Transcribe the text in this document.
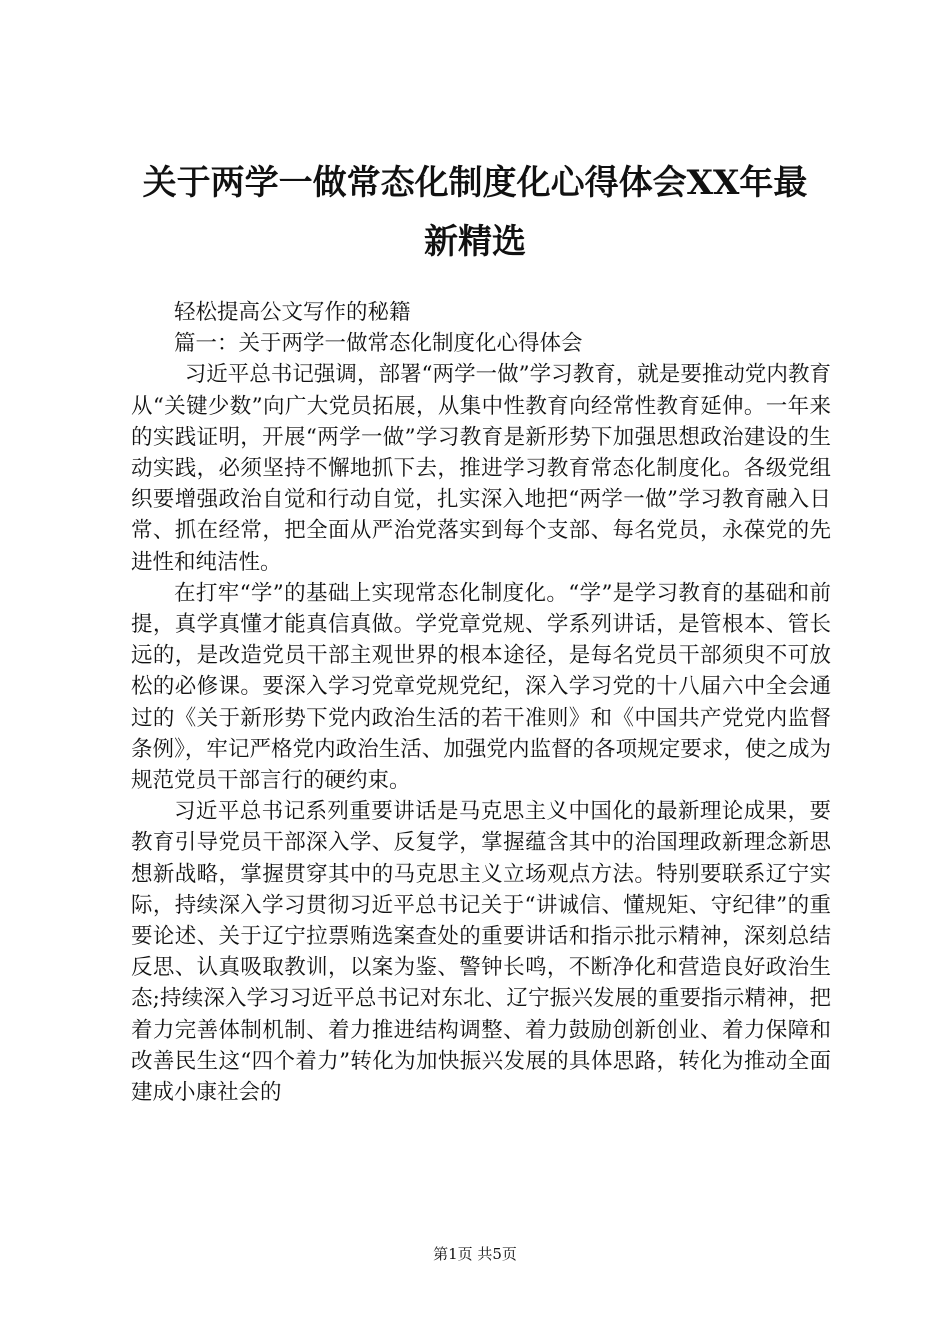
关于两学一做常态化制度化心得体会XX年最
新精选

轻松提高公文写作的秘籍

篇一：关于两学一做常态化制度化心得体会

习近平总书记强调，部署“两学一做”学习教育，就是要推动党内教育从“关键少数”向广大党员拓展，从集中性教育向经常性教育延伸。一年来的实践证明，开展“两学一做”学习教育是新形势下加强思想政治建设的生动实践，必须坚持不懈地抓下去，推进学习教育常态化制度化。各级党组织要增强政治自觉和行动自觉，扎实深入地把“两学一做”学习教育融入日常、抓在经常，把全面从严治党落实到每个支部、每名党员，永葆党的先进性和纯洁性。

在打牢“学”的基础上实现常态化制度化。“学”是学习教育的基础和前提，真学真懂才能真信真做。学党章党规、学系列讲话，是管根本、管长远的，是改造党员干部主观世界的根本途径，是每名党员干部须臾不可放松的必修课。要深入学习党章党规党纪，深入学习党的十八届六中全会通过的《关于新形势下党内政治生活的若干准则》和《中国共产党党内监督条例》，牢记严格党内政治生活、加强党内监督的各项规定要求，使之成为规范党员干部言行的硬约束。

习近平总书记系列重要讲话是马克思主义中国化的最新理论成果，要教育引导党员干部深入学、反复学，掌握蕴含其中的治国理政新理念新思想新战略，掌握贯穿其中的马克思主义立场观点方法。特别要联系辽宁实际，持续深入学习贯彻习近平总书记关于“讲诚信、懂规矩、守纪律”的重要论述、关于辽宁拉票贿选案查处的重要讲话和指示批示精神，深刻总结反思、认真吸取教训，以案为鉴、警钟长鸣，不断净化和营造良好政治生态;持续深入学习习近平总书记对东北、辽宁振兴发展的重要指示精神，把着力完善体制机制、着力推进结构调整、着力鼓励创新创业、着力保障和改善民生这“四个着力”转化为加快振兴发展的具体思路，转化为推动全面建成小康社会的

第1页 共5页
